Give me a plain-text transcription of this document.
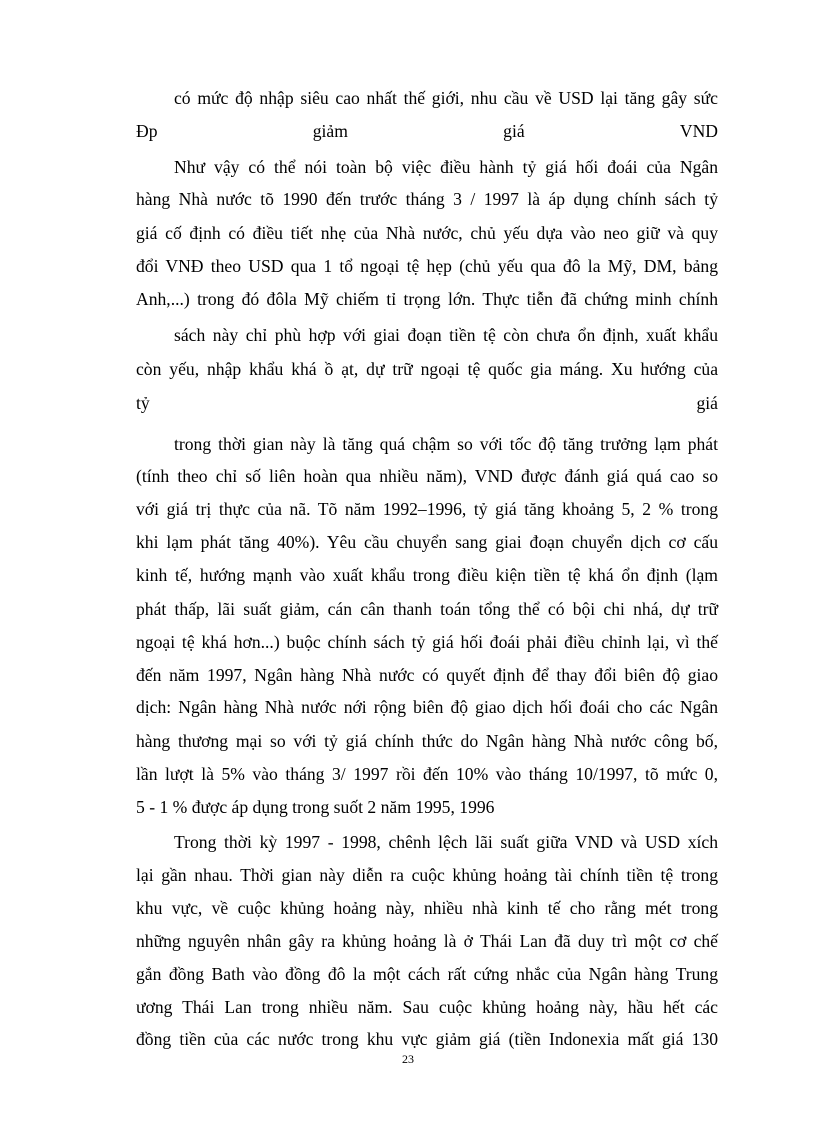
có mức độ nhập siêu cao nhất thế giới, nhu cầu về USD lại tăng gây sức

Đp	giảm	giá	VND

Như vậy có thể nói toàn bộ việc điều hành tỷ giá hối đoái của Ngân

hàng Nhà nước tõ 1990 đến trước tháng 3 / 1997 là áp dụng chính sách tỷ

giá cố định có điều tiết nhẹ của Nhà nước, chủ yếu dựa vào neo giữ và quy

đổi VNĐ theo USD qua 1 tổ ngoại tệ hẹp (chủ yếu qua đô la Mỹ, DM, bảng

Anh,...) trong đó đôla Mỹ chiếm tỉ trọng lớn. Thực tiễn đã chứng minh chính

sách này chỉ phù hợp với giai đoạn tiền tệ còn chưa ổn định, xuất khẩu

còn yếu, nhập khẩu khá ồ ạt, dự trữ ngoại tệ quốc gia máng. Xu hướng của

tỷ	giá

trong thời gian này là tăng quá chậm so với tốc độ tăng trưởng lạm phát

(tính theo chỉ số liên hoàn qua nhiều năm), VND được đánh giá quá cao so

với giá trị thực của nã. Tõ năm 1992–1996, tỷ giá tăng khoảng 5, 2 % trong

khi lạm phát tăng 40%). Yêu cầu chuyển sang giai đoạn chuyển dịch cơ cấu

kinh tế, hướng mạnh vào xuất khẩu trong điều kiện tiền tệ khá ổn định (lạm

phát thấp, lãi suất giảm, cán cân thanh toán tổng thể có bội chi nhá, dự trữ

ngoại tệ khá hơn...) buộc chính sách tỷ giá hối đoái phải điều chỉnh lại, vì thế

đến năm 1997, Ngân hàng Nhà nước có quyết định để thay đổi biên độ giao

dịch: Ngân hàng Nhà nước nới rộng biên độ giao dịch hối đoái cho các Ngân

hàng thương mại so với tỷ giá chính thức do Ngân hàng Nhà nước công bố,

lần lượt là 5% vào tháng 3/ 1997 rồi đến 10% vào tháng 10/1997, tõ mức 0,

5 - 1 % được áp dụng trong suốt 2 năm 1995, 1996

Trong thời kỳ 1997 - 1998, chênh lệch lãi suất giữa VND và USD xích

lại gần nhau. Thời gian này diễn ra cuộc khủng hoảng tài chính tiền tệ trong

khu vực, về cuộc khủng hoảng này, nhiều nhà kinh tế cho rằng mét trong

những nguyên nhân gây ra khủng hoảng là ở Thái Lan đã duy trì một cơ chế

gắn đồng Bath vào đồng đô la một cách rất cứng nhắc của Ngân hàng Trung

ương Thái Lan trong nhiều năm. Sau cuộc khủng hoảng này, hầu hết các

đồng tiền của các nước trong khu vực giảm giá (tiền Indonexia mất giá 130

23
